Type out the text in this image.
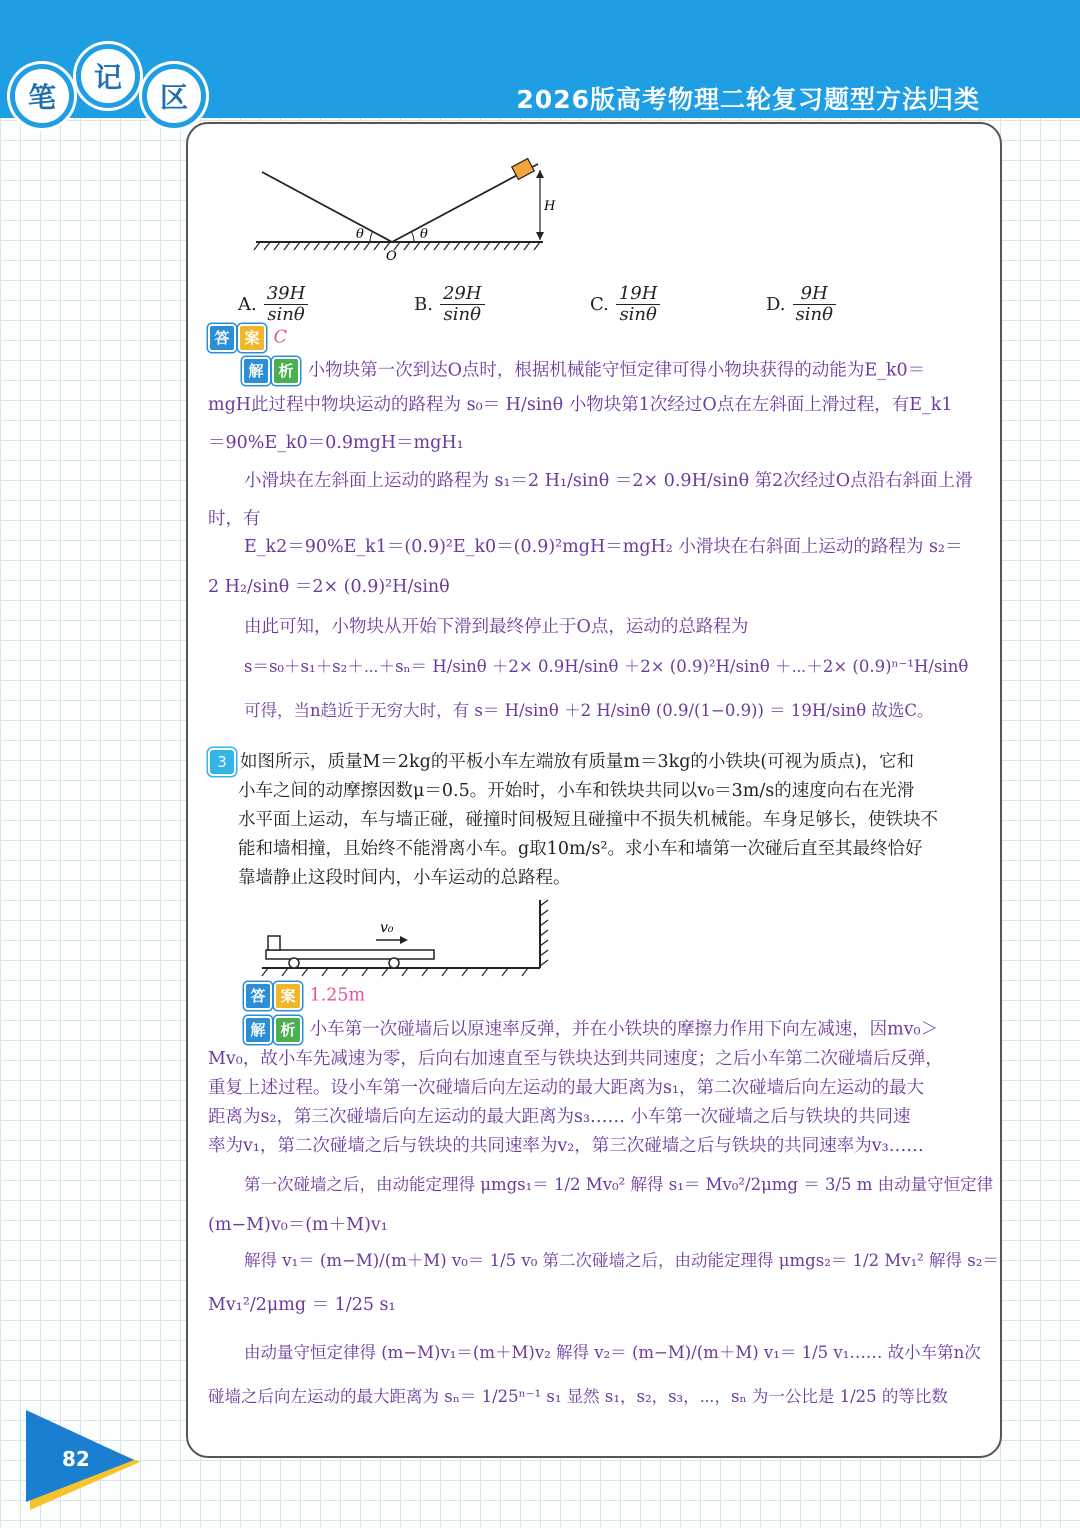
2026版高考物理二轮复习题型方法归类
笔
记
区
θ	θ
O
H
A. $\frac{39H}{\sin\theta}$	B. $\frac{29H}{\sin\theta}$	C. $\frac{19H}{\sin\theta}$	D. $\frac{9H}{\sin\theta}$
答 案 C
解 析 小物块第一次到达O点时，根据机械能守恒定律可得小物块获得的动能为E_k0＝
mgH此过程中物块运动的路程为 s₀＝ H/sinθ 小物块第1次经过O点在左斜面上滑过程，有E_k1
＝90%E_k0＝0.9mgH＝mgH₁
小滑块在左斜面上运动的路程为 s₁＝2 H₁/sinθ ＝2× 0.9H/sinθ 第2次经过O点沿右斜面上滑
时，有
E_k2＝90%E_k1＝(0.9)²E_k0＝(0.9)²mgH＝mgH₂ 小滑块在右斜面上运动的路程为 s₂＝
2 H₂/sinθ ＝2× (0.9)²H/sinθ
由此可知，小物块从开始下滑到最终停止于O点，运动的总路程为
s＝s₀＋s₁＋s₂＋⋯＋sₙ＝ H/sinθ ＋2× 0.9H/sinθ ＋2× (0.9)²H/sinθ ＋⋯＋2× (0.9)ⁿ⁻¹H/sinθ
可得，当n趋近于无穷大时，有 s＝ H/sinθ ＋2 H/sinθ (0.9/(1−0.9)) ＝ 19H/sinθ 故选C。
3 如图所示，质量M＝2kg的平板小车左端放有质量m＝3kg的小铁块(可视为质点)，它和
小车之间的动摩擦因数μ＝0.5。开始时，小车和铁块共同以v₀＝3m/s的速度向右在光滑
水平面上运动，车与墙正碰，碰撞时间极短且碰撞中不损失机械能。车身足够长，使铁块不
能和墙相撞，且始终不能滑离小车。g取10m/s²。求小车和墙第一次碰后直至其最终恰好
靠墙静止这段时间内，小车运动的总路程。
v₀
答 案 1.25m
解 析 小车第一次碰墙后以原速率反弹，并在小铁块的摩擦力作用下向左减速，因mv₀＞
Mv₀，故小车先减速为零，后向右加速直至与铁块达到共同速度；之后小车第二次碰墙后反弹，
重复上述过程。设小车第一次碰墙后向左运动的最大距离为s₁，第二次碰墙后向左运动的最大
距离为s₂，第三次碰墙后向左运动的最大距离为s₃…… 小车第一次碰墙之后与铁块的共同速
率为v₁，第二次碰墙之后与铁块的共同速率为v₂，第三次碰墙之后与铁块的共同速率为v₃……
第一次碰墙之后，由动能定理得 μmgs₁＝ 1/2 Mv₀² 解得 s₁＝ Mv₀²/2μmg ＝ 3/5 m 由动量守恒定律
(m−M)v₀＝(m＋M)v₁
解得 v₁＝ (m−M)/(m＋M) v₀＝ 1/5 v₀ 第二次碰墙之后，由动能定理得 μmgs₂＝ 1/2 Mv₁² 解得 s₂＝
Mv₁²/2μmg ＝ 1/25 s₁
由动量守恒定律得 (m−M)v₁＝(m＋M)v₂ 解得 v₂＝ (m−M)/(m＋M) v₁＝ 1/5 v₁…… 故小车第n次
碰墙之后向左运动的最大距离为 sₙ＝ 1/25ⁿ⁻¹ s₁ 显然 s₁，s₂，s₃，⋯，sₙ 为一公比是 1/25 的等比数
82
